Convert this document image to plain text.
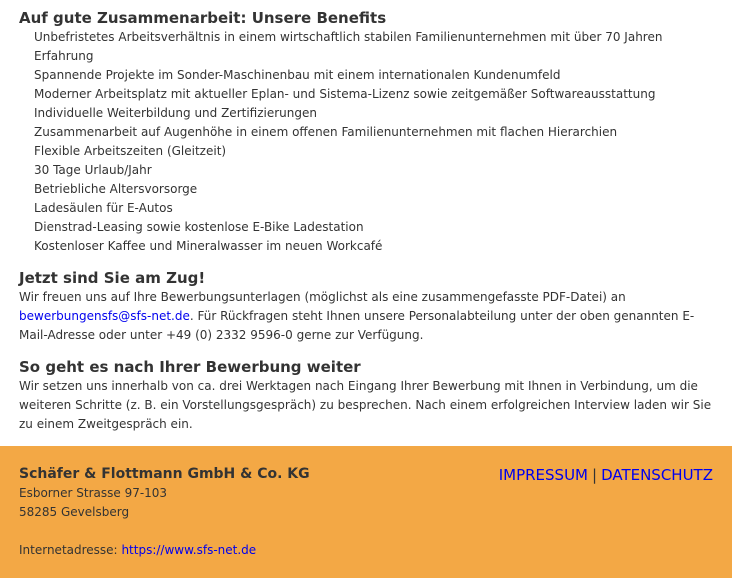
Auf gute Zusammenarbeit: Unsere Benefits
Unbefristetes Arbeitsverhältnis in einem wirtschaftlich stabilen Familienunternehmen mit über 70 Jahren Erfahrung
Spannende Projekte im Sonder-Maschinenbau mit einem internationalen Kundenumfeld
Moderner Arbeitsplatz mit aktueller Eplan- und Sistema-Lizenz sowie zeitgemäßer Softwareausstattung
Individuelle Weiterbildung und Zertifizierungen
Zusammenarbeit auf Augenhöhe in einem offenen Familienunternehmen mit flachen Hierarchien
Flexible Arbeitszeiten (Gleitzeit)
30 Tage Urlaub/Jahr
Betriebliche Altersvorsorge
Ladesäulen für E-Autos
Dienstrad-Leasing sowie kostenlose E-Bike Ladestation
Kostenloser Kaffee und Mineralwasser im neuen Workcafé
Jetzt sind Sie am Zug!

Wir freuen uns auf Ihre Bewerbungsunterlagen (möglichst als eine zusammengefasste PDF-Datei) an bewerbungensfs@sfs-net.de. Für Rückfragen steht Ihnen unsere Personalabteilung unter der oben genannten E-Mail-Adresse oder unter +49 (0) 2332 9596-0 gerne zur Verfügung.

So geht es nach Ihrer Bewerbung weiter

Wir setzen uns innerhalb von ca. drei Werktagen nach Eingang Ihrer Bewerbung mit Ihnen in Verbindung, um die weiteren Schritte (z. B. ein Vorstellungsgespräch) zu besprechen. Nach einem erfolgreichen Interview laden wir Sie zu einem Zweitgespräch ein.

Schäfer & Flottmann GmbH & Co. KG
Esborner Strasse 97-103
58285 Gevelsberg
Internetadresse: https://www.sfs-net.de
IMPRESSUM | DATENSCHUTZ
